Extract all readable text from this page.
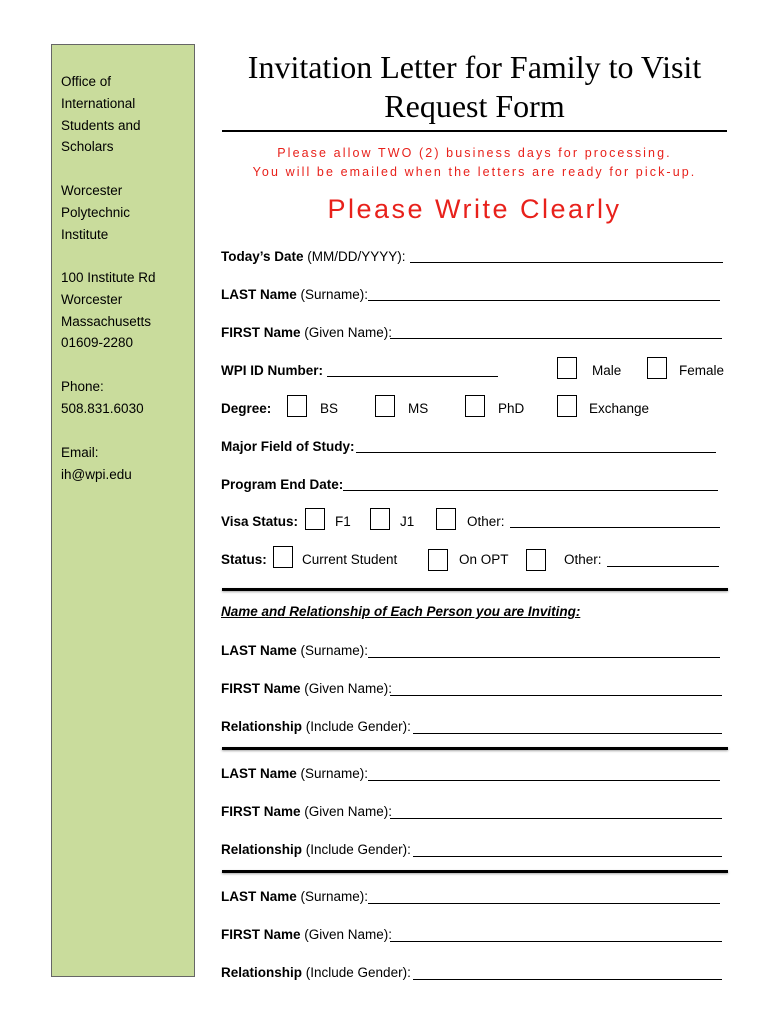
Office of
International
Students and
Scholars
Worcester
Polytechnic
Institute
100 Institute Rd
Worcester
Massachusetts
01609-2280
Phone:
508.831.6030
Email:
ih@wpi.edu
Invitation Letter for Family to Visit
Request Form
Please allow TWO (2) business days for processing.
You will be emailed when the letters are ready for pick-up.
Please Write Clearly
Today’s Date (MM/DD/YYYY):
LAST Name (Surname):
FIRST Name (Given Name):
WPI ID Number:	Male	Female
Degree:	BS	MS	PhD	Exchange
Major Field of Study:
Program End Date:
Visa Status:	F1	J1	Other:
Status:	Current Student	On OPT	Other:
Name and Relationship of Each Person you are Inviting:
LAST Name (Surname):
FIRST Name (Given Name):
Relationship (Include Gender):
LAST Name (Surname):
FIRST Name (Given Name):
Relationship (Include Gender):
LAST Name (Surname):
FIRST Name (Given Name):
Relationship (Include Gender):
